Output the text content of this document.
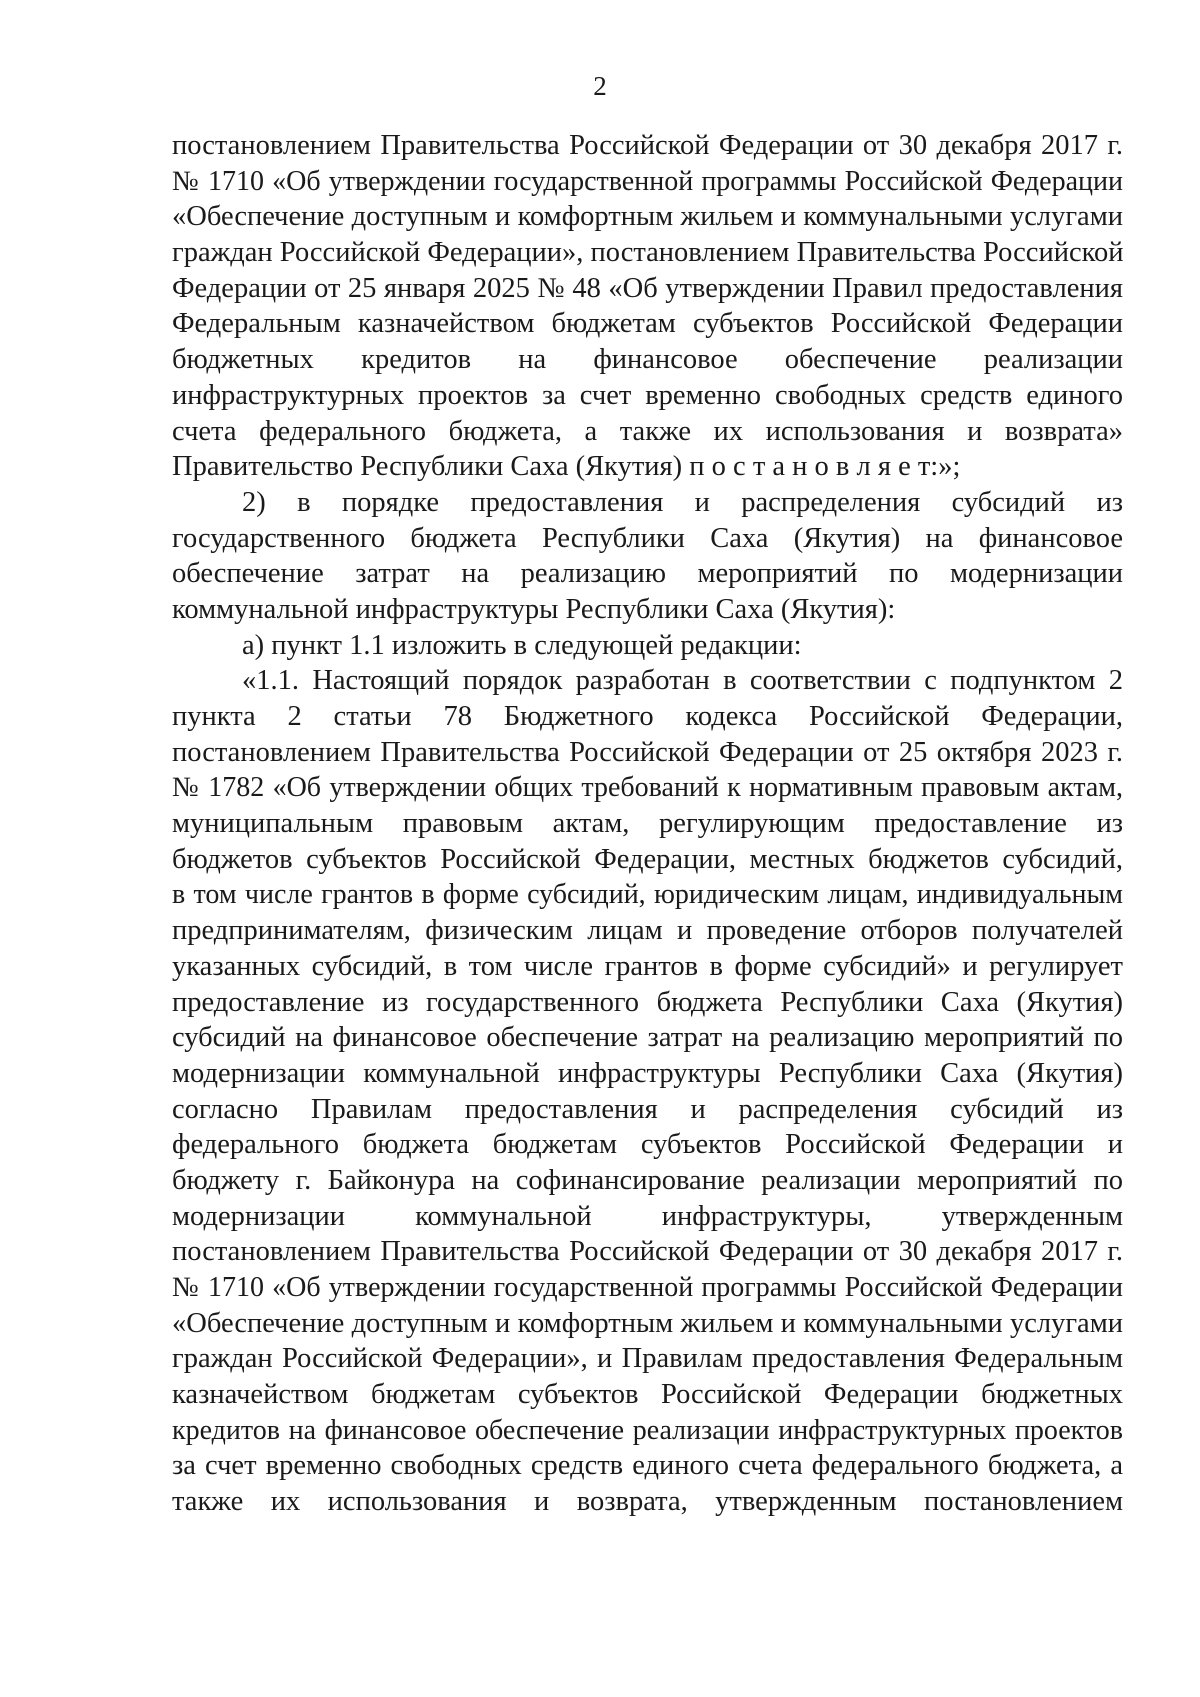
2
постановлением Правительства Российской Федерации от 30 декабря 2017 г.
№ 1710 «Об утверждении государственной программы Российской Федерации
«Обеспечение доступным и комфортным жильем и коммунальными услугами
граждан Российской Федерации», постановлением Правительства Российской
Федерации от 25 января 2025 № 48 «Об утверждении Правил предоставления
Федеральным казначейством бюджетам субъектов Российской Федерации
бюджетных кредитов на финансовое обеспечение реализации
инфраструктурных проектов за счет временно свободных средств единого
счета федерального бюджета, а также их использования и возврата»
Правительство Республики Саха (Якутия) п о с т а н о в л я е т:»;
2) в порядке предоставления и распределения субсидий из
государственного бюджета Республики Саха (Якутия) на финансовое
обеспечение затрат на реализацию мероприятий по модернизации
коммунальной инфраструктуры Республики Саха (Якутия):
а) пункт 1.1 изложить в следующей редакции:
«1.1. Настоящий порядок разработан в соответствии с подпунктом 2
пункта 2 статьи 78 Бюджетного кодекса Российской Федерации,
постановлением Правительства Российской Федерации от 25 октября 2023 г.
№ 1782 «Об утверждении общих требований к нормативным правовым актам,
муниципальным правовым актам, регулирующим предоставление из
бюджетов субъектов Российской Федерации, местных бюджетов субсидий,
в том числе грантов в форме субсидий, юридическим лицам, индивидуальным
предпринимателям, физическим лицам и проведение отборов получателей
указанных субсидий, в том числе грантов в форме субсидий» и регулирует
предоставление из государственного бюджета Республики Саха (Якутия)
субсидий на финансовое обеспечение затрат на реализацию мероприятий по
модернизации коммунальной инфраструктуры Республики Саха (Якутия)
согласно Правилам предоставления и распределения субсидий из
федерального бюджета бюджетам субъектов Российской Федерации и
бюджету г. Байконура на софинансирование реализации мероприятий по
модернизации коммунальной инфраструктуры, утвержденным
постановлением Правительства Российской Федерации от 30 декабря 2017 г.
№ 1710 «Об утверждении государственной программы Российской Федерации
«Обеспечение доступным и комфортным жильем и коммунальными услугами
граждан Российской Федерации», и Правилам предоставления Федеральным
казначейством бюджетам субъектов Российской Федерации бюджетных
кредитов на финансовое обеспечение реализации инфраструктурных проектов
за счет временно свободных средств единого счета федерального бюджета, а
также их использования и возврата, утвержденным постановлением
